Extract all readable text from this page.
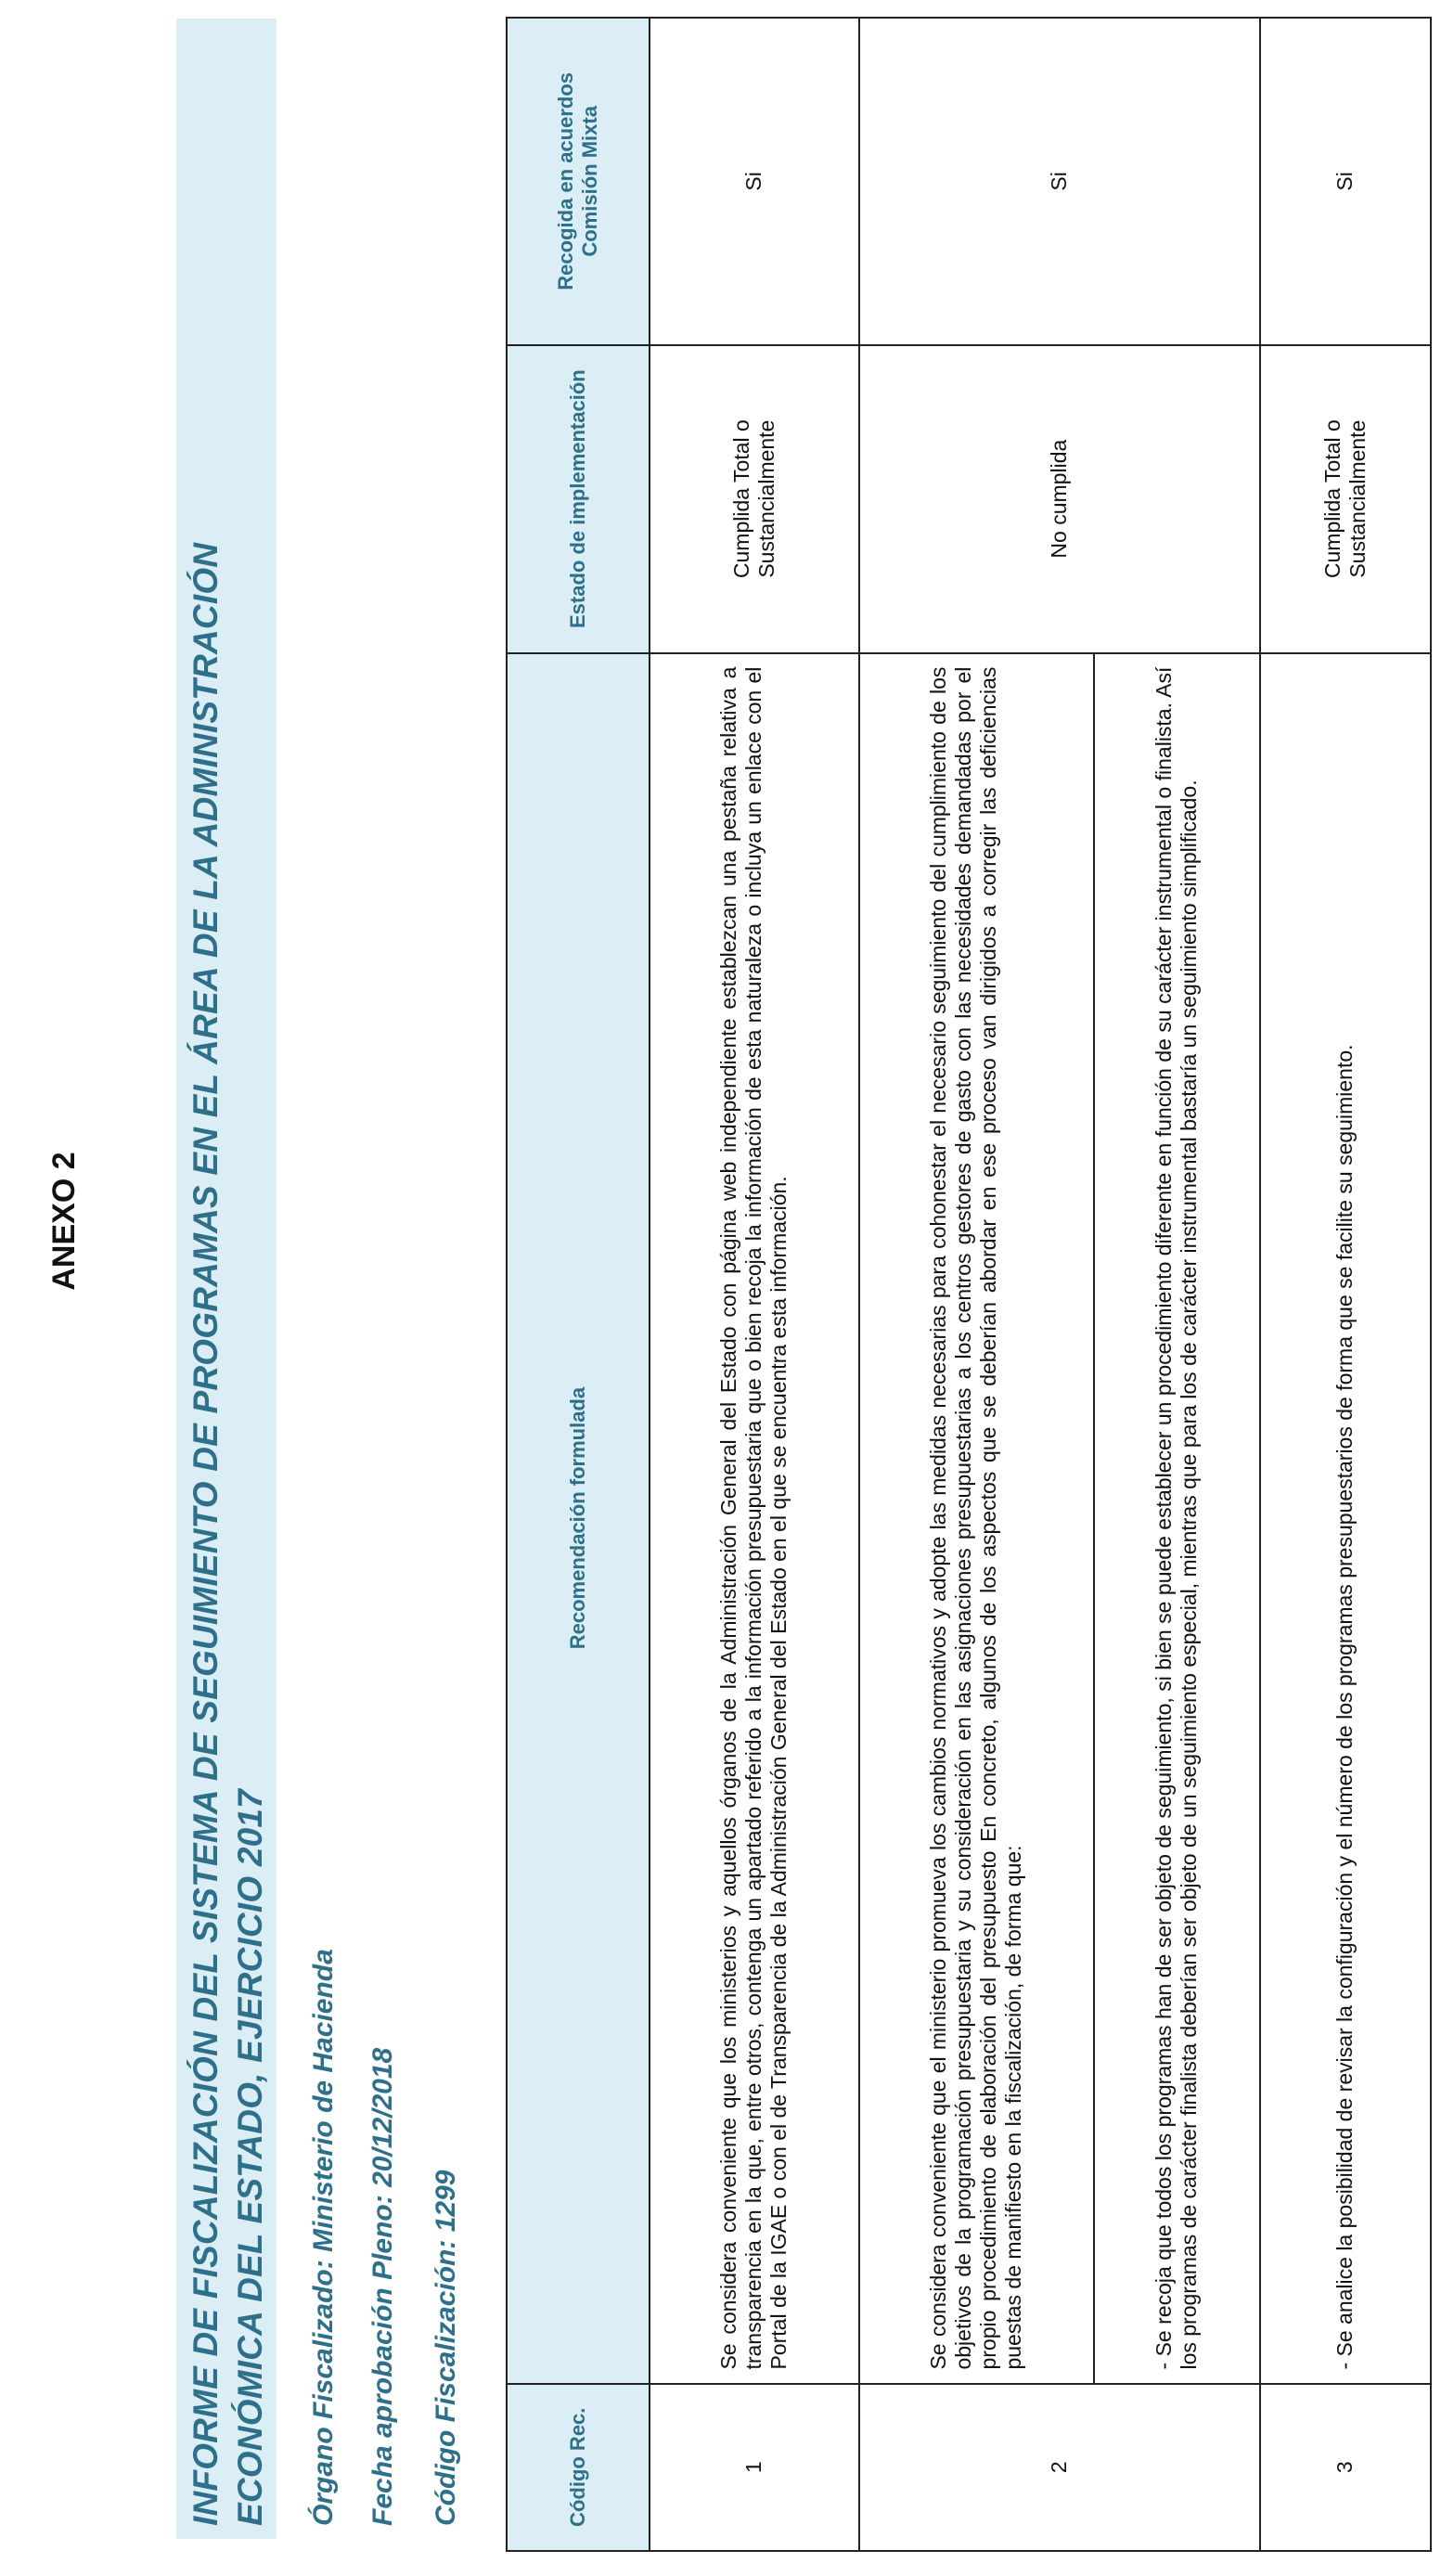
ANEXO 2	INFORME DE FISCALIZACIÓN DEL SISTEMA DE SEGUIMIENTO DE PROGRAMAS EN EL ÁREA DE LA ADMINISTRACIÓN ECONÓMICA DEL ESTADO, EJERCICIO 2017 Órgano Fiscalizado: Ministerio de Hacienda Fecha aprobación Pleno: 20/12/2018 Código Fiscalización: 1299	Código Rec.	Recomendación formulada	Estado de implementación	Recogida en acuerdos Comisión Mixta
1	Se considera conveniente que los ministerios y aquellos órganos de la Administración General del Estado con página web independiente establezcan una pestaña relativa a transparencia en la que, entre otros, contenga un apartado referido a la información presupuestaria que o bien recoja la información de esta naturaleza o incluya un enlace con el Portal de la IGAE o con el de Transparencia de la Administración General del Estado en el que se encuentra esta información.	Cumplida Total o Sustancialmente	Si
2	Se considera conveniente que el ministerio promueva los cambios normativos y adopte las medidas necesarias para cohonestar el necesario seguimiento del cumplimiento de los objetivos de la programación presupuestaria y su consideración en las asignaciones presupuestarias a los centros gestores de gasto con las necesidades demandadas por el propio procedimiento de elaboración del presupuesto En concreto, algunos de los aspectos que se deberían abordar en ese proceso van dirigidos a corregir las deficiencias puestas de manifiesto en la fiscalización, de forma que:	No cumplida	Si
	- Se recoja que todos los programas han de ser objeto de seguimiento, si bien se puede establecer un procedimiento diferente en función de su carácter instrumental o finalista. Así los programas de carácter finalista deberían ser objeto de un seguimiento especial, mientras que para los de carácter instrumental bastaría un seguimiento simplificado.		
3	- Se analice la posibilidad de revisar la configuración y el número de los programas presupuestarios de forma que se facilite su seguimiento.	Cumplida Total o Sustancialmente	Si
